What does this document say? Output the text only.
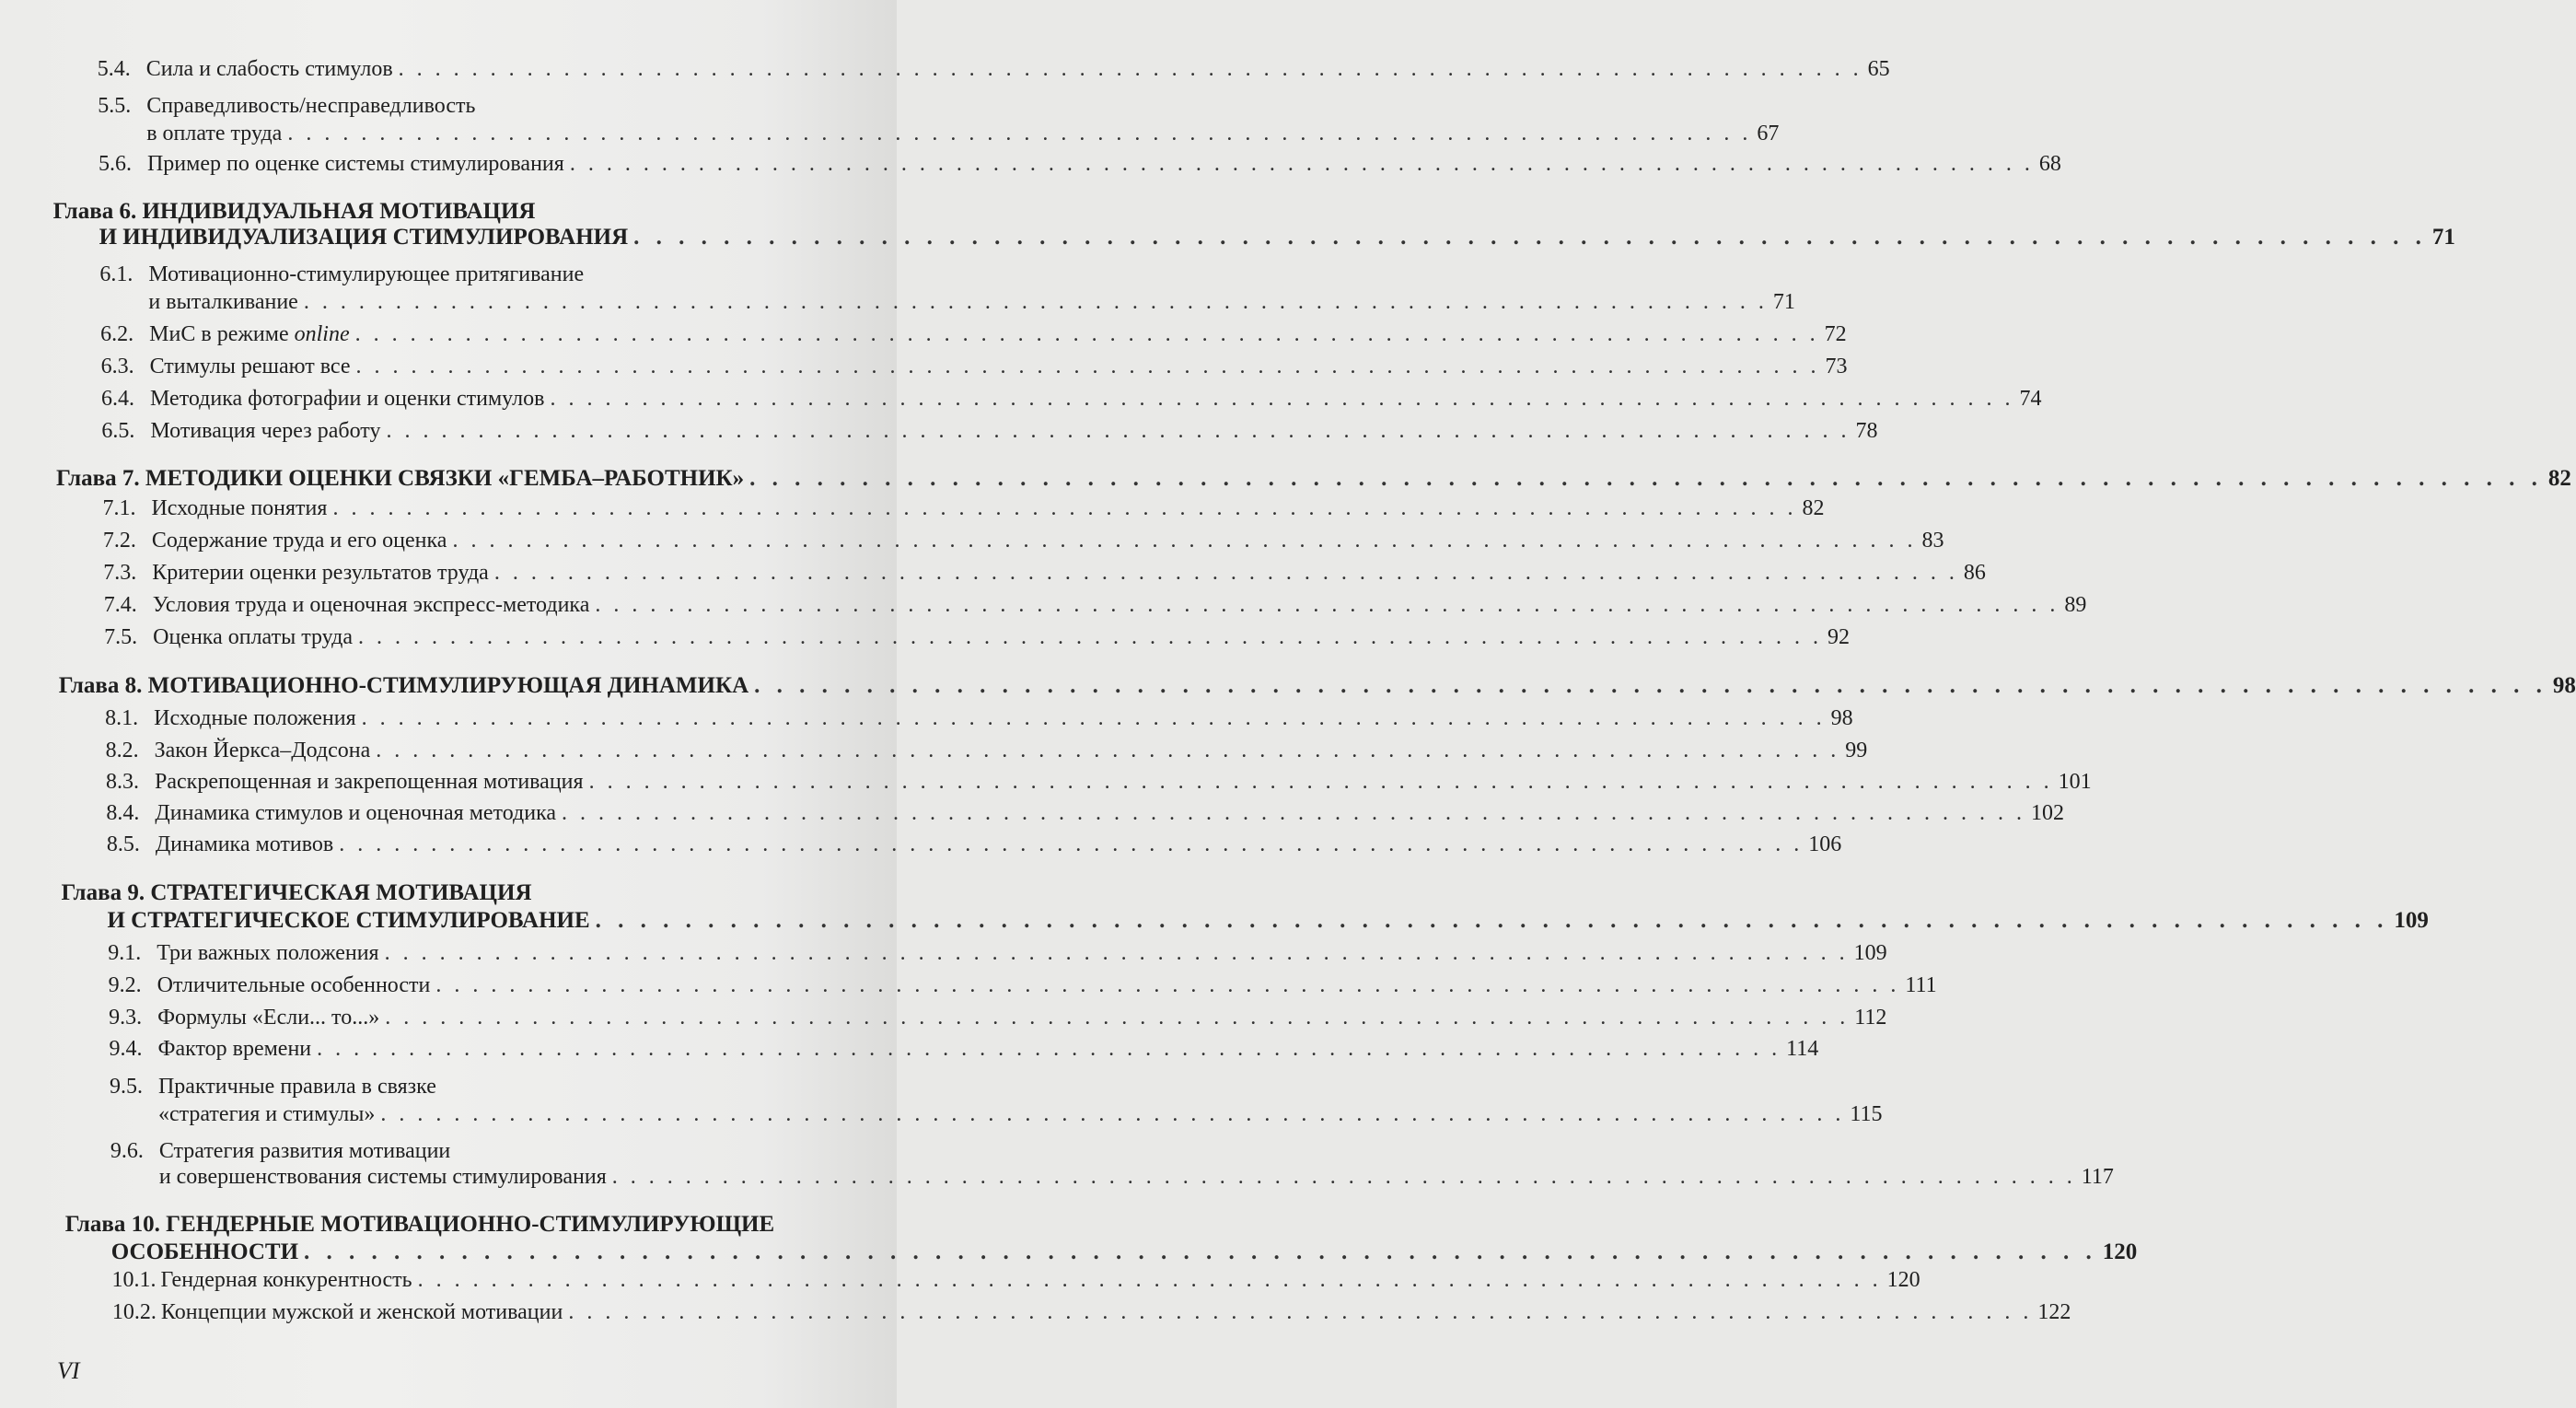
5.4. Сила и слабость стимулов . . . . . . . . . . . . . . . . . . . . . . . . . . . . . . . . . . . . . . . . . . . . . . . . . . . . . . . . . . . . . . . . . . . . . . . . . . . . . . . . 65
5.5. Справедливость/несправедливость
в оплате труда . . . . . . . . . . . . . . . . . . . . . . . . . . . . . . . . . . . . . . . . . . . . . . . . . . . . . . . . . . . . . . . . . . . . . . . . . . . . . . . . 67
5.6. Пример по оценке системы стимулирования . . . . . . . . . . . . . . . . . . . . . . . . . . . . . . . . . . . . . . . . . . . . . . . . . . . . . . . . . . . . . . . . . . . . . . . . . . . . . . . . 68
Глава 6. ИНДИВИДУАЛЬНАЯ МОТИВАЦИЯ
И ИНДИВИДУАЛИЗАЦИЯ СТИМУЛИРОВАНИЯ . . . . . . . . . . . . . . . . . . . . . . . . . . . . . . . . . . . . . . . . . . . . . . . . . . . . . . . . . . . . . . . . . . . . . . . . . . . . . . . . 71
6.1. Мотивационно-стимулирующее притягивание
и выталкивание . . . . . . . . . . . . . . . . . . . . . . . . . . . . . . . . . . . . . . . . . . . . . . . . . . . . . . . . . . . . . . . . . . . . . . . . . . . . . . . . 71
6.2. МиС в режиме online . . . . . . . . . . . . . . . . . . . . . . . . . . . . . . . . . . . . . . . . . . . . . . . . . . . . . . . . . . . . . . . . . . . . . . . . . . . . . . . . 72
6.3. Стимулы решают все . . . . . . . . . . . . . . . . . . . . . . . . . . . . . . . . . . . . . . . . . . . . . . . . . . . . . . . . . . . . . . . . . . . . . . . . . . . . . . . . 73
6.4. Методика фотографии и оценки стимулов . . . . . . . . . . . . . . . . . . . . . . . . . . . . . . . . . . . . . . . . . . . . . . . . . . . . . . . . . . . . . . . . . . . . . . . . . . . . . . . . 74
6.5. Мотивация через работу . . . . . . . . . . . . . . . . . . . . . . . . . . . . . . . . . . . . . . . . . . . . . . . . . . . . . . . . . . . . . . . . . . . . . . . . . . . . . . . . 78
Глава 7. МЕТОДИКИ ОЦЕНКИ СВЯЗКИ «ГЕМБА–РАБОТНИК» . . . . . . . . . . . . . . . . . . . . . . . . . . . . . . . . . . . . . . . . . . . . . . . . . . . . . . . . . . . . . . . . . . . . . . . . . . . . . . . . 82
7.1. Исходные понятия . . . . . . . . . . . . . . . . . . . . . . . . . . . . . . . . . . . . . . . . . . . . . . . . . . . . . . . . . . . . . . . . . . . . . . . . . . . . . . . . 82
7.2. Содержание труда и его оценка . . . . . . . . . . . . . . . . . . . . . . . . . . . . . . . . . . . . . . . . . . . . . . . . . . . . . . . . . . . . . . . . . . . . . . . . . . . . . . . . 83
7.3. Критерии оценки результатов труда . . . . . . . . . . . . . . . . . . . . . . . . . . . . . . . . . . . . . . . . . . . . . . . . . . . . . . . . . . . . . . . . . . . . . . . . . . . . . . . . 86
7.4. Условия труда и оценочная экспресс-методика . . . . . . . . . . . . . . . . . . . . . . . . . . . . . . . . . . . . . . . . . . . . . . . . . . . . . . . . . . . . . . . . . . . . . . . . . . . . . . . . 89
7.5. Оценка оплаты труда . . . . . . . . . . . . . . . . . . . . . . . . . . . . . . . . . . . . . . . . . . . . . . . . . . . . . . . . . . . . . . . . . . . . . . . . . . . . . . . . 92
Глава 8. МОТИВАЦИОННО-СТИМУЛИРУЮЩАЯ ДИНАМИКА . . . . . . . . . . . . . . . . . . . . . . . . . . . . . . . . . . . . . . . . . . . . . . . . . . . . . . . . . . . . . . . . . . . . . . . . . . . . . . . . 98
8.1. Исходные положения . . . . . . . . . . . . . . . . . . . . . . . . . . . . . . . . . . . . . . . . . . . . . . . . . . . . . . . . . . . . . . . . . . . . . . . . . . . . . . . . 98
8.2. Закон Йеркса–Додсона . . . . . . . . . . . . . . . . . . . . . . . . . . . . . . . . . . . . . . . . . . . . . . . . . . . . . . . . . . . . . . . . . . . . . . . . . . . . . . . . 99
8.3. Раскрепощенная и закрепощенная мотивация . . . . . . . . . . . . . . . . . . . . . . . . . . . . . . . . . . . . . . . . . . . . . . . . . . . . . . . . . . . . . . . . . . . . . . . . . . . . . . . . 101
8.4. Динамика стимулов и оценочная методика . . . . . . . . . . . . . . . . . . . . . . . . . . . . . . . . . . . . . . . . . . . . . . . . . . . . . . . . . . . . . . . . . . . . . . . . . . . . . . . . 102
8.5. Динамика мотивов . . . . . . . . . . . . . . . . . . . . . . . . . . . . . . . . . . . . . . . . . . . . . . . . . . . . . . . . . . . . . . . . . . . . . . . . . . . . . . . . 106
Глава 9. СТРАТЕГИЧЕСКАЯ МОТИВАЦИЯ
И СТРАТЕГИЧЕСКОЕ СТИМУЛИРОВАНИЕ . . . . . . . . . . . . . . . . . . . . . . . . . . . . . . . . . . . . . . . . . . . . . . . . . . . . . . . . . . . . . . . . . . . . . . . . . . . . . . . . 109
9.1. Три важных положения . . . . . . . . . . . . . . . . . . . . . . . . . . . . . . . . . . . . . . . . . . . . . . . . . . . . . . . . . . . . . . . . . . . . . . . . . . . . . . . . 109
9.2. Отличительные особенности . . . . . . . . . . . . . . . . . . . . . . . . . . . . . . . . . . . . . . . . . . . . . . . . . . . . . . . . . . . . . . . . . . . . . . . . . . . . . . . . 111
9.3. Формулы «Если... то...» . . . . . . . . . . . . . . . . . . . . . . . . . . . . . . . . . . . . . . . . . . . . . . . . . . . . . . . . . . . . . . . . . . . . . . . . . . . . . . . . 112
9.4. Фактор времени . . . . . . . . . . . . . . . . . . . . . . . . . . . . . . . . . . . . . . . . . . . . . . . . . . . . . . . . . . . . . . . . . . . . . . . . . . . . . . . . 114
9.5. Практичные правила в связке
«стратегия и стимулы» . . . . . . . . . . . . . . . . . . . . . . . . . . . . . . . . . . . . . . . . . . . . . . . . . . . . . . . . . . . . . . . . . . . . . . . . . . . . . . . . 115
9.6. Стратегия развития мотивации
и совершенствования системы стимулирования . . . . . . . . . . . . . . . . . . . . . . . . . . . . . . . . . . . . . . . . . . . . . . . . . . . . . . . . . . . . . . . . . . . . . . . . . . . . . . . . 117
Глава 10. ГЕНДЕРНЫЕ МОТИВАЦИОННО-СТИМУЛИРУЮЩИЕ
ОСОБЕННОСТИ . . . . . . . . . . . . . . . . . . . . . . . . . . . . . . . . . . . . . . . . . . . . . . . . . . . . . . . . . . . . . . . . . . . . . . . . . . . . . . . . 120
10.1. Гендерная конкурентность . . . . . . . . . . . . . . . . . . . . . . . . . . . . . . . . . . . . . . . . . . . . . . . . . . . . . . . . . . . . . . . . . . . . . . . . . . . . . . . . 120
10.2. Концепции мужской и женской мотивации . . . . . . . . . . . . . . . . . . . . . . . . . . . . . . . . . . . . . . . . . . . . . . . . . . . . . . . . . . . . . . . . . . . . . . . . . . . . . . . . 122
VI
